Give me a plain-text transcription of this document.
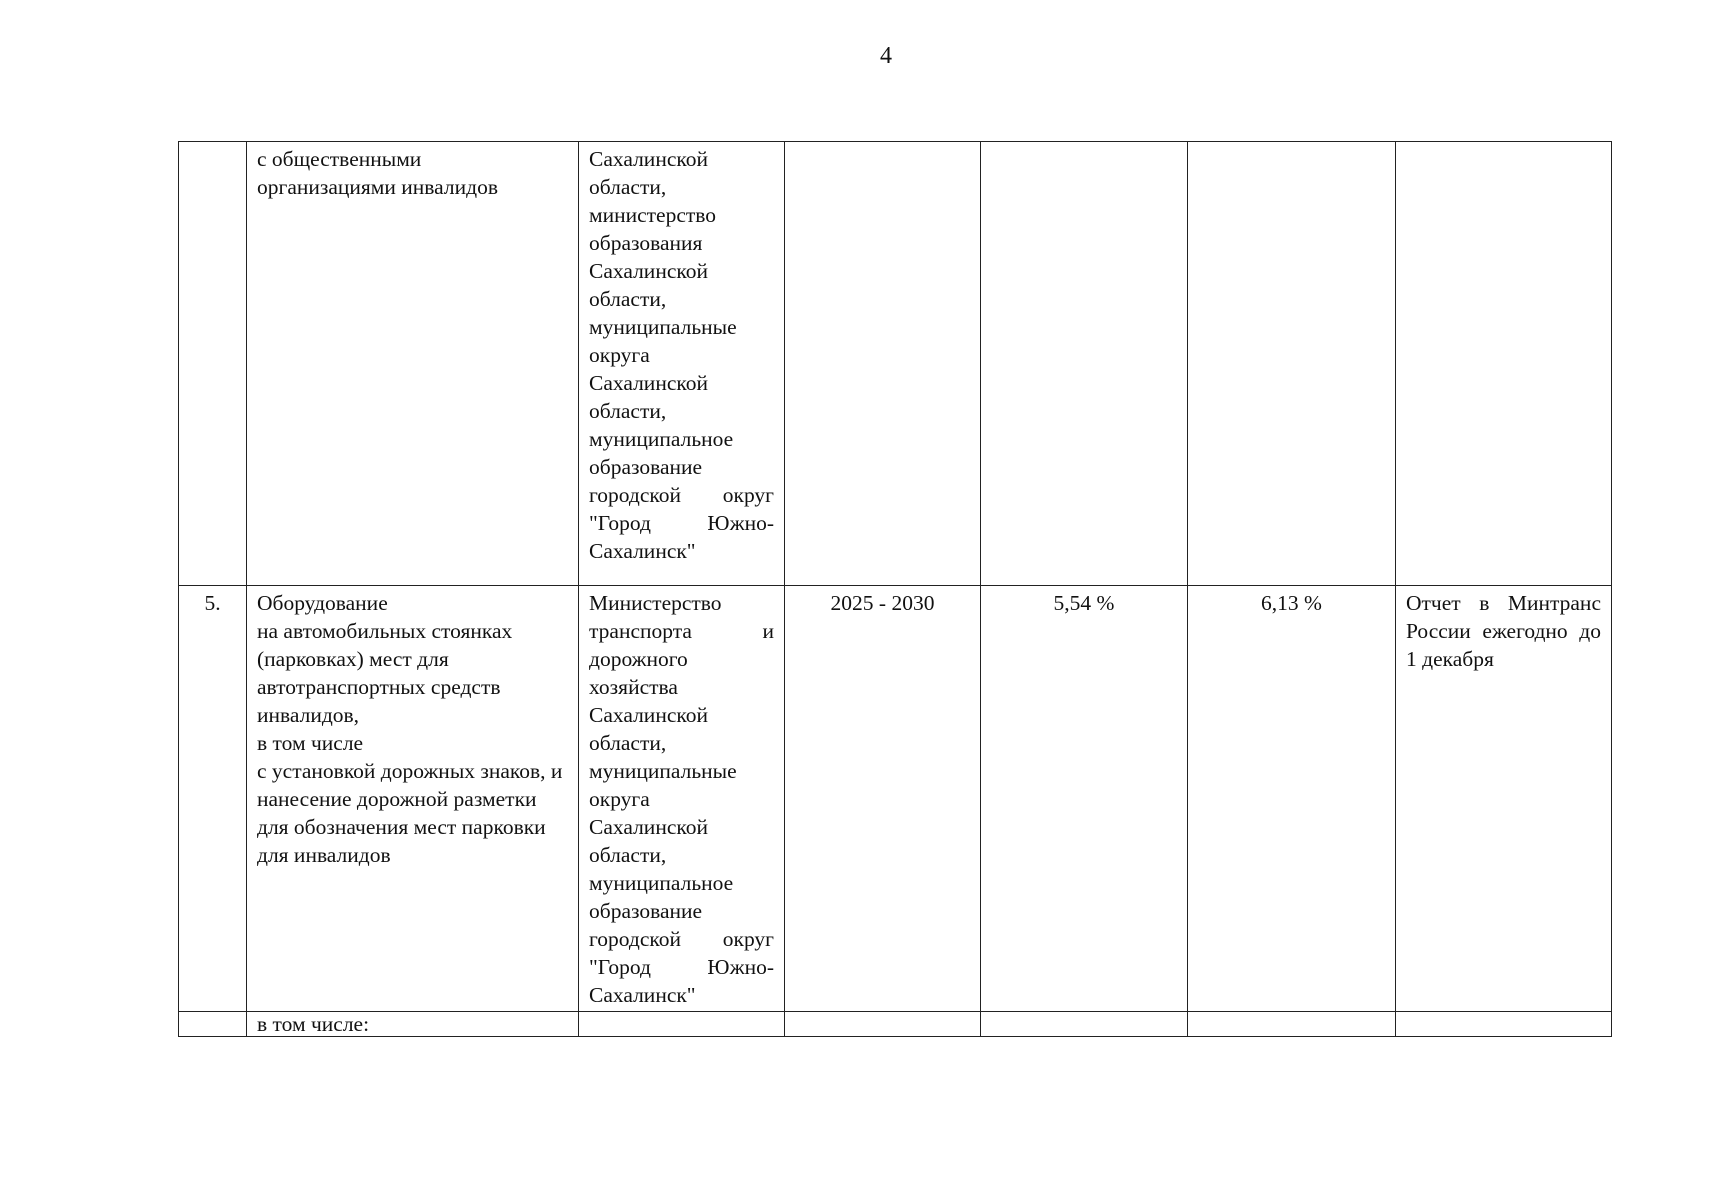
4
	с общественными
организациями инвалидов	Сахалинской области, министерство образования Сахалинской области, муниципальные округа Сахалинской области, муниципальное образование городской округ "Город Южно-Сахалинск"				
5.	Оборудование
на автомобильных стоянках (парковках) мест для автотранспортных средств инвалидов,
в том числе
с установкой дорожных знаков, и нанесение дорожной разметки
для обозначения мест парковки для инвалидов	Министерство транспорта и дорожного хозяйства Сахалинской области, муниципальные округа Сахалинской области, муниципальное образование городской округ "Город Южно-Сахалинск"	2025 - 2030	5,54 %	6,13 %	Отчет в Минтранс России ежегодно до 1 декабря
	в том числе:					
